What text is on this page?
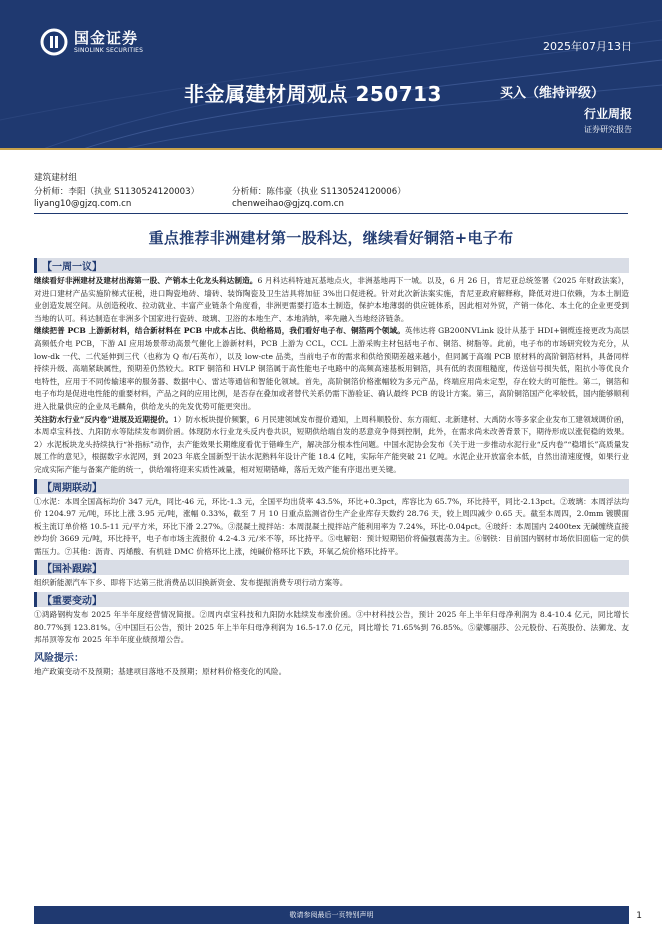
国金证券
SINOLINK SECURITIES	2025年07月13日
非金属建材周观点 250713	买入（维持评级）
行业周报
证券研究报告
建筑建材组
分析师：李阳（执业 S1130524120003）
liyang10@gjzq.com.cn
分析师：陈伟豪（执业 S1130524120006）
chenweihao@gjzq.com.cn
重点推荐非洲建材第一股科达，继续看好铜箔+电子布
【一周一议】

继续看好非洲建材及建材出海第一股、产销本土化龙头科达制造。6 月科达科特迪瓦基地点火，非洲基地再下一城。以及，6 月 26 日，肯尼亚总统签署《2025 年财政法案》，对进口建材产品实施阶梯式征税，进口陶瓷地砖、墙砖、装饰陶瓷及卫生洁具将加征 3%出口促进税。针对此次新法案实施，肯尼亚政府解释称，降低对进口依赖，为本土制造业创造发展空间。从创造税收、拉动就业、丰富产业链条个角度看，非洲更需要打造本土制造，保护本地薄弱的供应链体系，因此相对外贸，产销一体化、本土化的企业更受到当地的认可。科达制造在非洲多个国家进行瓷砖、玻璃、卫浴的本地生产、本地消纳，率先融入当地经济链条。

继续把普 PCB 上游新材料，结合新材料在 PCB 中成本占比、供给格局，我们看好电子布、铜箔两个领域。英伟达将 GB200NVLink 设计从基于 HDI+铜缆连接更改为高层高频低介电 PCB，下游 AI 应用场景带动高景气催化上游新材料，PCB 上游为 CCL，CCL 上游采购主材包括电子布、铜箔、树脂等。此前，电子布的市场研究较为充分，从 low-dk 一代、二代延伸到三代（也称为 Q 布/石英布），以及 low-cte 品类，当前电子布的需求和供给预期差越来越小，但同属于高端 PCB 原材料的高阶铜箔材料，具备同样持续升级、高端紧缺属性，预期差仍然较大。RTF 铜箔和 HVLP 铜箔属于高性能电子电路中的高频高速基板用铜箔，具有低的表面粗糙度，传送信号损失低，阻抗小等优良介电特性，应用于不同传输速率的服务器、数据中心、雷达等通信和智能化领域。首先，高阶铜箔价格涨幅较为多元产品，终端应用尚未定型，存在较大的可能性。第二，铜箔和电子布均是促进电性能的重要材料，产品之间的应用比例，是否存在叠加或者替代关系仍需下游验证、确认最终 PCB 的设计方案。第三，高阶铜箔国产化率较低，国内能够顺利进入批量供应的企业凤毛麟角，供给龙头的先发优势可能更突出。

关注防水行业“反内卷”进展及近期提价。1）防水板块提价频繁，6 月民建领域发布提价通知，上周科顺股份、东方雨虹、北新建材、大禹防水等多家企业发布工建领域调价函，本周卓宝科技、九阳防水等陆续发布调价函。体现防水行业龙头反内卷共识，短期供给端自发的恶意竞争得到控制，此外，在需求尚未改善背景下，期待形成以涨促稳的效果。2）水泥板块龙头持续执行“补指标”动作，去产能效果长期维度看优于错峰生产，解决部分根本性问题。中国水泥协会发布《关于进一步推动水泥行业“反内卷”“稳增长”高质量发展工作的意见》，根据数字水泥网，到 2023 年底全国新型干法水泥熟料年设计产能 18.4 亿吨，实际年产能突破 21 亿吨。水泥企业开放富余本低，自然出清速度慢，如果行业完成实际产能与备案产能的统一，供给端将迎来实质性减量，相对短期错峰，落后无效产能有序退出更关键。

【周期联动】

①水泥：本周全国高标均价 347 元/t，同比-46 元，环比-1.3 元，全国平均出货率 43.5%，环比+0.3pct，库容比为 65.7%，环比持平，同比-2.13pct。②玻璃：本周浮法均价 1204.97 元/吨，环比上涨 3.95 元/吨，涨幅 0.33%，截至 7 月 10 日重点监测省份生产企业库存天数约 28.76 天，较上周四减少 0.65 天。截至本周四，2.0mm 镀膜面板主流订单价格 10.5-11 元/平方米，环比下滑 2.27%。③混凝土搅拌站：本周混凝土搅拌站产能利用率为 7.24%，环比-0.04pct。④玻纤：本周国内 2400tex 无碱缠绕直接纱均价 3669 元/吨，环比持平，电子布市场主流报价 4.2-4.3 元/米不等，环比持平。⑤电解铝：预计短期铝价将偏强震荡为主。⑥钢铁：目前国内钢材市场依旧面临一定的供需压力。⑦其他：沥青、丙烯酸、有机硅 DMC 价格环比上涨，纯碱价格环比下跌，环氧乙烷价格环比持平。

【国补跟踪】

组织新能源汽车下乡、即将下达第三批消费品以旧换新资金、发布提振消费专项行动方案等。

【重要变动】

①鸿路钢构发布 2025 年半年度经营情况简报。②周内卓宝科技和九阳防水陆续发布涨价函。③中材科技公告，预计 2025 年上半年归母净利润为 8.4-10.4 亿元，同比增长 80.77%到 123.81%。④中国巨石公告，预计 2025 年上半年归母净利润为 16.5-17.0 亿元，同比增长 71.65%到 76.85%。⑤蒙娜丽莎、公元股份、石英股份、法狮龙、友邦吊顶等发布 2025 年半年度业绩预增公告。

风险提示：

地产政策变动不及预期；基建项目落地不及预期；原材料价格变化的风险。

敬请参阅最后一页特别声明	1
